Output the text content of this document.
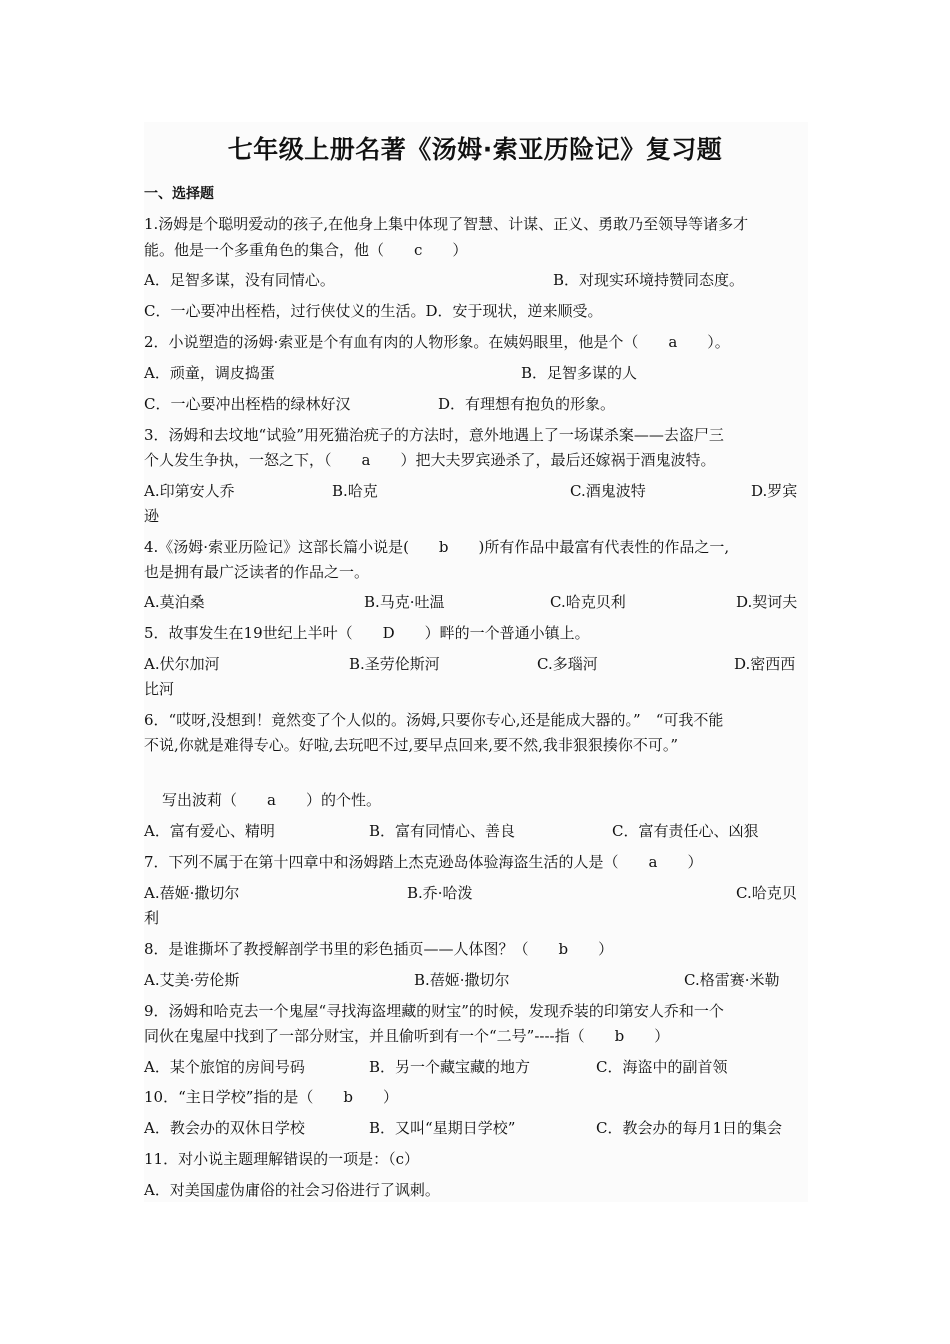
七年级上册名著《汤姆·索亚历险记》复习题
一、选择题
1.汤姆是个聪明爱动的孩子,在他身上集中体现了智慧、计谋、正义、勇敢乃至领导等诸多才
能。他是一个多重角色的集合，他（　　c　　）
A．足智多谋，没有同情心。	B．对现实环境持赞同态度。
C．一心要冲出桎梏，过行侠仗义的生活。D．安于现状，逆来顺受。
2．小说塑造的汤姆·索亚是个有血有肉的人物形象。在姨妈眼里，他是个（　　a　　）。
A．顽童，调皮捣蛋	B．足智多谋的人
C．一心要冲出桎梏的绿林好汉	D．有理想有抱负的形象。
3．汤姆和去坟地“试验”用死猫治疣子的方法时，意外地遇上了一场谋杀案——去盗尸三
个人发生争执，一怒之下，（　　a　　）把大夫罗宾逊杀了，最后还嫁祸于酒鬼波特。
A.印第安人乔	B.哈克	C.酒鬼波特	D.罗宾
逊
4.《汤姆·索亚历险记》这部长篇小说是(　　b　　)所有作品中最富有代表性的作品之一,
也是拥有最广泛读者的作品之一。
A.莫泊桑	B.马克·吐温	C.哈克贝利	D.契诃夫
5．故事发生在19世纪上半叶（　　D　　）畔的一个普通小镇上。
A.伏尔加河	B.圣劳伦斯河	C.多瑙河	D.密西西
比河
6．“哎呀,没想到！竟然变了个人似的。汤姆,只要你专心,还是能成大器的。”　“可我不能
不说,你就是难得专心。好啦,去玩吧不过,要早点回来,要不然,我非狠狠揍你不可。”
写出波莉（　　a　　）的个性。
A．富有爱心、精明	B．富有同情心、善良	C．富有责任心、凶狠
7．下列不属于在第十四章中和汤姆踏上杰克逊岛体验海盗生活的人是（　　a　　）
A.蓓姬·撒切尔	B.乔·哈泼	C.哈克贝
利
8．是谁撕坏了教授解剖学书里的彩色插页——人体图？（　　b　　）
A.艾美·劳伦斯	B.蓓姬·撒切尔	C.格雷赛·米勒
9．汤姆和哈克去一个鬼屋“寻找海盗埋藏的财宝”的时候，发现乔装的印第安人乔和一个
同伙在鬼屋中找到了一部分财宝，并且偷听到有一个“二号”----指（　　b　　）
A．某个旅馆的房间号码	B．另一个藏宝藏的地方	C．海盗中的副首领
10．“主日学校”指的是（　　b　　）
A．教会办的双休日学校	B．又叫“星期日学校”	C．教会办的每月1日的集会
11．对小说主题理解错误的一项是：（c）
A．对美国虚伪庸俗的社会习俗进行了讽刺。
